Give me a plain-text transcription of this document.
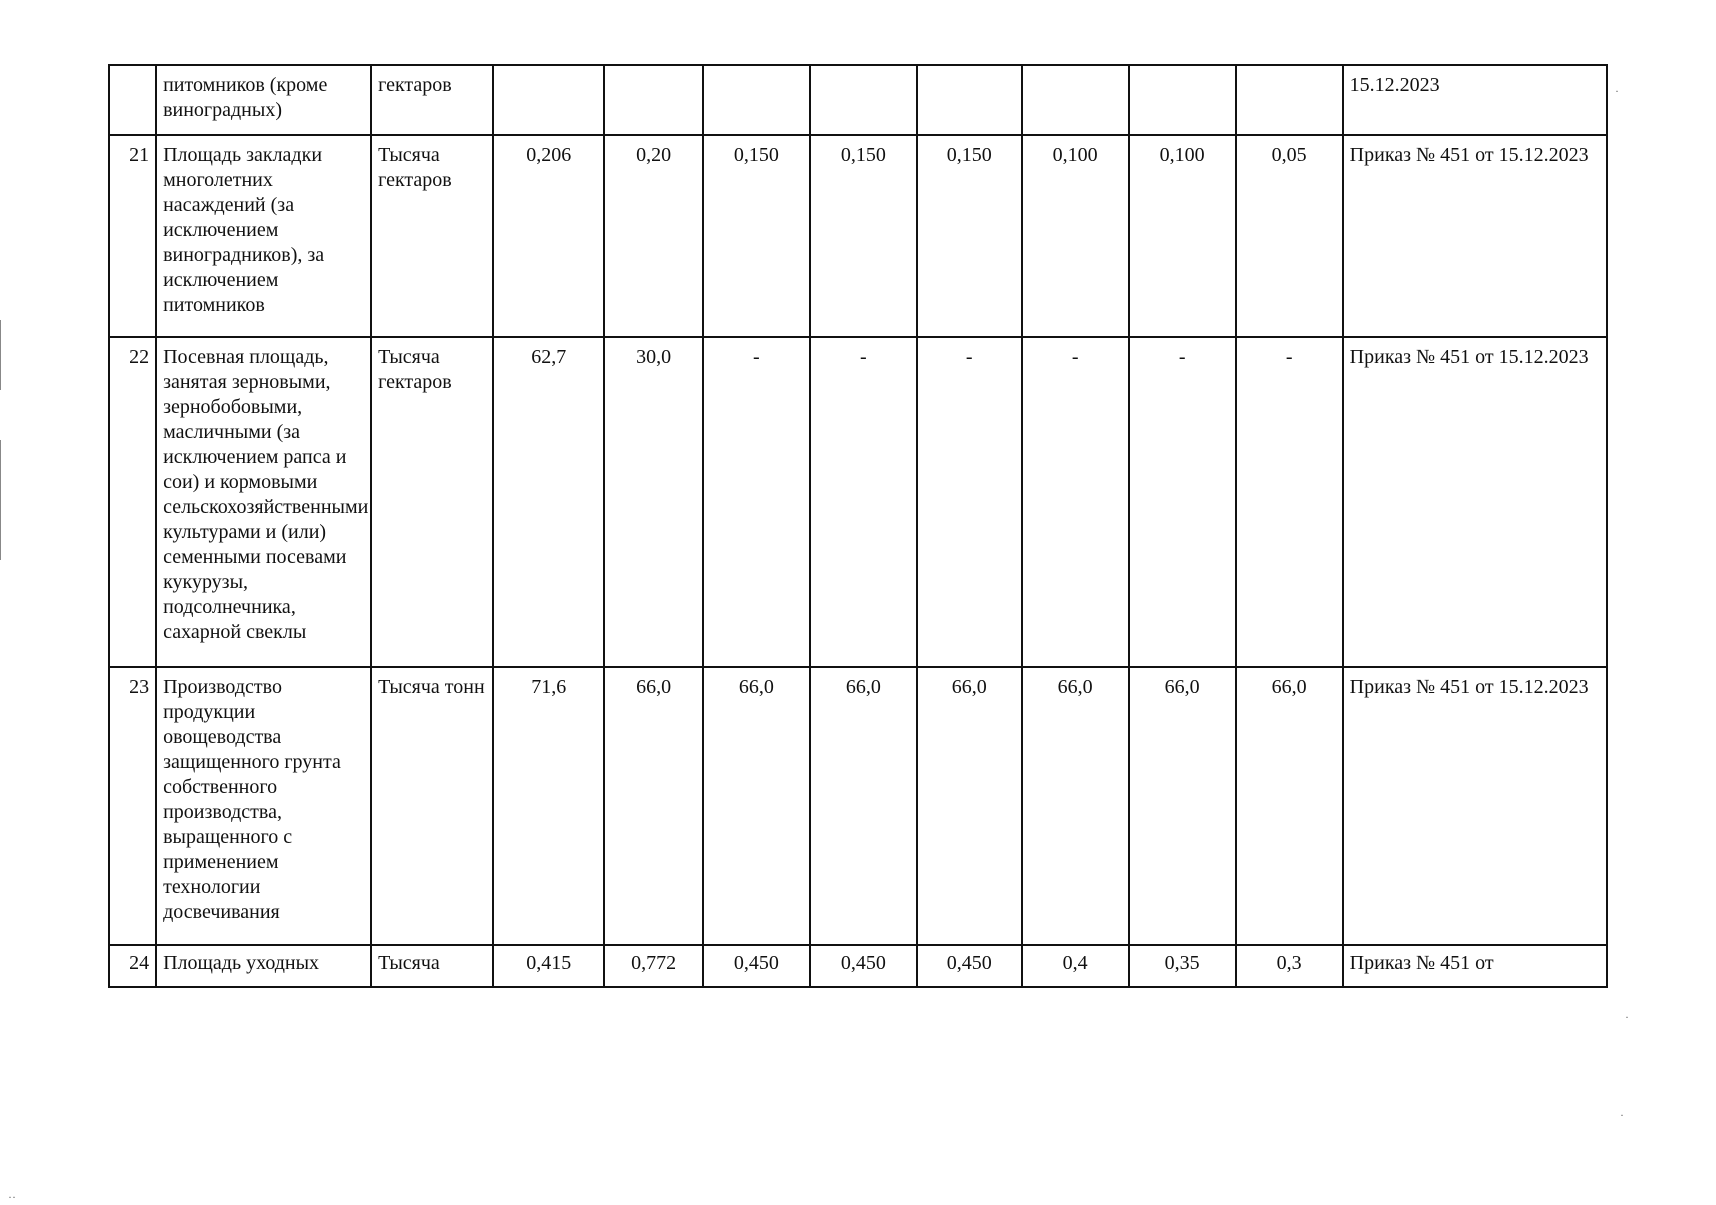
	питомников (кроме виноградных)	гектаров									15.12.2023
21	Площадь закладки многолетних насаждений (за исключением виноградников), за исключением питомников	Тысяча гектаров	0,206	0,20	0,150	0,150	0,150	0,100	0,100	0,05	Приказ № 451 от 15.12.2023
22	Посевная площадь, занятая зерновыми, зернобобовыми, масличными (за исключением рапса и сои) и кормовыми сельскохозяйственными культурами и (или) семенными посевами кукурузы, подсолнечника, сахарной свеклы	Тысяча гектаров	62,7	30,0	-	-	-	-	-	-	Приказ № 451 от 15.12.2023
23	Производство продукции овощеводства защищенного грунта собственного производства, выращенного с применением технологии досвечивания	Тысяча тонн	71,6	66,0	66,0	66,0	66,0	66,0	66,0	66,0	Приказ № 451 от 15.12.2023
24	Площадь уходных	Тысяча	0,415	0,772	0,450	0,450	0,450	0,4	0,35	0,3	Приказ № 451 от
·
·
·
··
